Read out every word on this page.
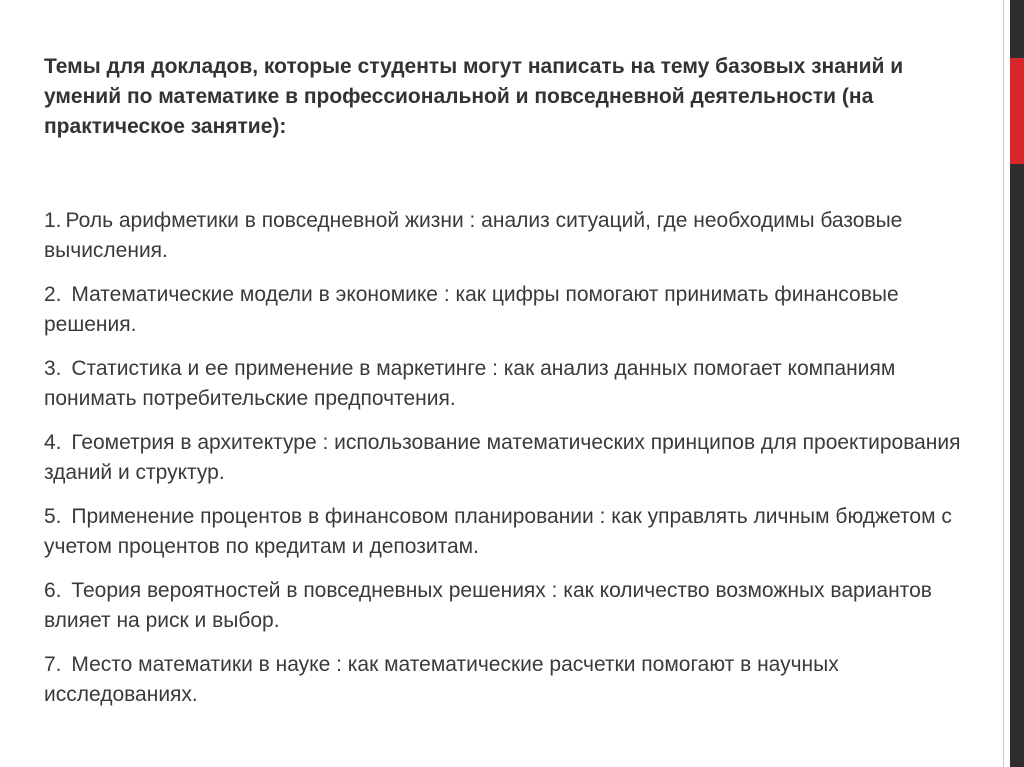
Темы для докладов, которые студенты могут написать на тему базовых знаний и умений по математике в профессиональной и повседневной деятельности (на практическое занятие):
1. Роль арифметики в повседневной жизни : анализ ситуаций, где необходимы базовые вычисления.
2. Математические модели в экономике : как цифры помогают принимать финансовые решения.
3. Статистика и ее применение в маркетинге : как анализ данных помогает компаниям понимать потребительские предпочтения.
4. Геометрия в архитектуре : использование математических принципов для проектирования зданий и структур.
5. Применение процентов в финансовом планировании : как управлять личным бюджетом с учетом процентов по кредитам и депозитам.
6. Теория вероятностей в повседневных решениях : как количество возможных вариантов влияет на риск и выбор.
7. Место математики в науке : как математические расчетки помогают в научных исследованиях.
